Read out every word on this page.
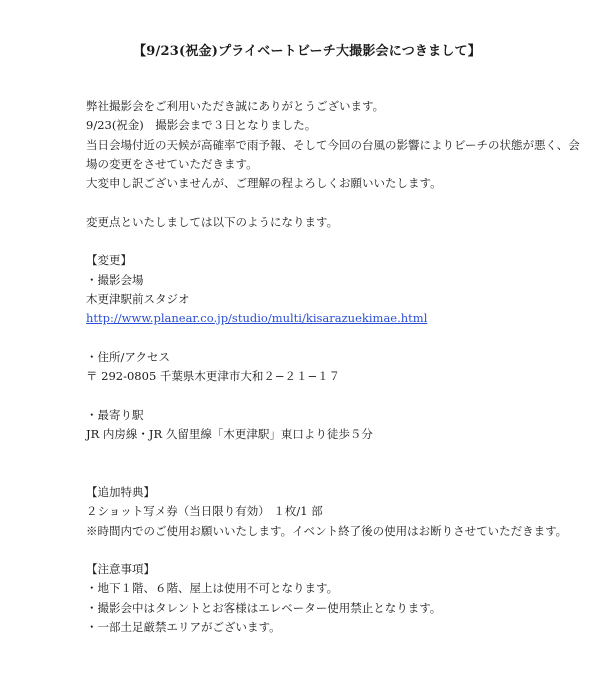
【9/23(祝金)プライベートビーチ大撮影会につきまして】
弊社撮影会をご利用いただき誠にありがとうございます。
9/23(祝金)　撮影会まで３日となりました。
当日会場付近の天候が高確率で雨予報、そして今回の台風の影響によりビーチの状態が悪く、会場の変更をさせていただきます。
大変申し訳ございませんが、ご理解の程よろしくお願いいたします。
変更点といたしましては以下のようになります。
【変更】
・撮影会場
木更津駅前スタジオ
http://www.planear.co.jp/studio/multi/kisarazuekimae.html
・住所/アクセス
〒 292-0805 千葉県木更津市大和２−２１−１７
・最寄り駅
JR 内房線・JR 久留里線「木更津駅」東口より徒歩５分
【追加特典】
２ショット写メ券（当日限り有効） １枚/1 部
※時間内でのご使用お願いいたします。イベント終了後の使用はお断りさせていただきます。
【注意事項】
・地下１階、６階、屋上は使用不可となります。
・撮影会中はタレントとお客様はエレベーター使用禁止となります。
・一部土足厳禁エリアがございます。
